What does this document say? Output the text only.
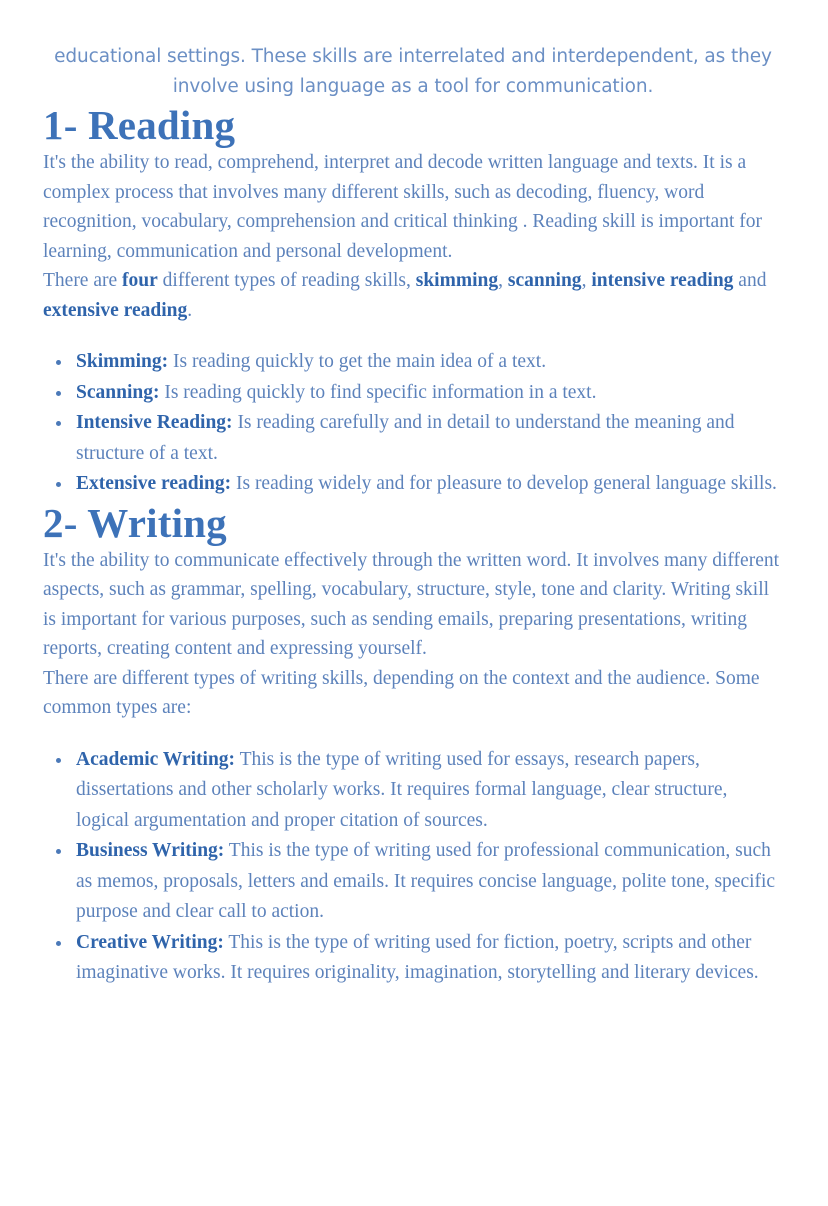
educational settings. These skills are interrelated and interdependent, as they involve using language as a tool for communication.

1- Reading

It's the ability to read, comprehend, interpret and decode written language and texts. It is a complex process that involves many different skills, such as decoding, fluency, word recognition, vocabulary, comprehension and critical thinking . Reading skill is important for learning, communication and personal development.

There are four different types of reading skills, skimming, scanning, intensive reading and extensive reading.

Skimming: Is reading quickly to get the main idea of a text.
Scanning: Is reading quickly to find specific information in a text.
Intensive Reading: Is reading carefully and in detail to understand the meaning and structure of a text.
Extensive reading: Is reading widely and for pleasure to develop general language skills.
2- Writing

It's the ability to communicate effectively through the written word. It involves many different aspects, such as grammar, spelling, vocabulary, structure, style, tone and clarity. Writing skill is important for various purposes, such as sending emails, preparing presentations, writing reports, creating content and expressing yourself.

There are different types of writing skills, depending on the context and the audience. Some common types are:

Academic Writing: This is the type of writing used for essays, research papers, dissertations and other scholarly works. It requires formal language, clear structure, logical argumentation and proper citation of sources.
Business Writing: This is the type of writing used for professional communication, such as memos, proposals, letters and emails. It requires concise language, polite tone, specific purpose and clear call to action.
Creative Writing: This is the type of writing used for fiction, poetry, scripts and other imaginative works. It requires originality, imagination, storytelling and literary devices.
